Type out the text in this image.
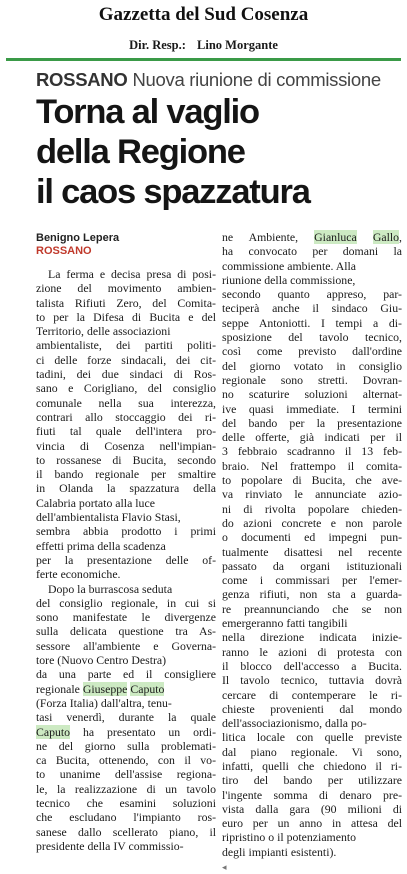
Gazzetta del Sud Cosenza
Dir. Resp.: Lino Morgante
ROSSANO Nuova riunione di commissione
Torna al vaglio
della Regione
il caos spazzatura
Benigno Lepera
ROSSANO
La ferma e decisa presa di posi-
zione del movimento ambien-
talista Rifiuti Zero, del Comita-
to per la Difesa di Bucita e del
Territorio, delle associazioni
ambientaliste, dei partiti politi-
ci delle forze sindacali, dei cit-
tadini, dei due sindaci di Ros-
sano e Corigliano, del consiglio
comunale nella sua interezza,
contrari allo stoccaggio dei ri-
fiuti tal quale dell'intera pro-
vincia di Cosenza nell'impian-
to rossanese di Bucita, secondo
il bando regionale per smaltire
in Olanda la spazzatura della
Calabria portato alla luce
dell'ambientalista Flavio Stasi,
sembra abbia prodotto i primi
effetti prima della scadenza
per la presentazione delle of-
ferte economiche.
Dopo la burrascosa seduta
del consiglio regionale, in cui si
sono manifestate le divergenze
sulla delicata questione tra As-
sessore all'ambiente e Governa-
tore (Nuovo Centro Destra)
da una parte ed il consigliere
regionale Giuseppe Caputo
(Forza Italia) dall'altra, tenu-
tasi venerdì, durante la quale
Caputo ha presentato un ordi-
ne del giorno sulla problemati-
ca Bucita, ottenendo, con il vo-
to unanime dell'assise regiona-
le, la realizzazione di un tavolo
tecnico che esamini soluzioni
che escludano l'impianto ros-
sanese dallo scellerato piano, il
presidente della IV commissio-
ne Ambiente, Gianluca Gallo,
ha convocato per domani la
commissione ambiente. Alla
riunione della commissione,
secondo quanto appreso, par-
teciperà anche il sindaco Giu-
seppe Antoniotti. I tempi a di-
sposizione del tavolo tecnico,
così come previsto dall'ordine
del giorno votato in consiglio
regionale sono stretti. Dovran-
no scaturire soluzioni alternat-
ive quasi immediate. I termini
del bando per la presentazione
delle offerte, già indicati per il
3 febbraio scadranno il 13 feb-
braio. Nel frattempo il comita-
to popolare di Bucita, che ave-
va rinviato le annunciate azio-
ni di rivolta popolare chieden-
do azioni concrete e non parole
o documenti ed impegni pun-
tualmente disattesi nel recente
passato da organi istituzionali
come i commissari per l'emer-
genza rifiuti, non sta a guarda-
re preannunciando che se non
emergeranno fatti tangibili
nella direzione indicata inizie-
ranno le azioni di protesta con
il blocco dell'accesso a Bucita.
Il tavolo tecnico, tuttavia dovrà
cercare di contemperare le ri-
chieste provenienti dal mondo
dell'associazionismo, dalla po-
litica locale con quelle previste
dal piano regionale. Vi sono,
infatti, quelli che chiedono il ri-
tiro del bando per utilizzare
l'ingente somma di denaro pre-
vista dalla gara (90 milioni di
euro per un anno in attesa del
ripristino o il potenziamento
degli impianti esistenti).
◂
